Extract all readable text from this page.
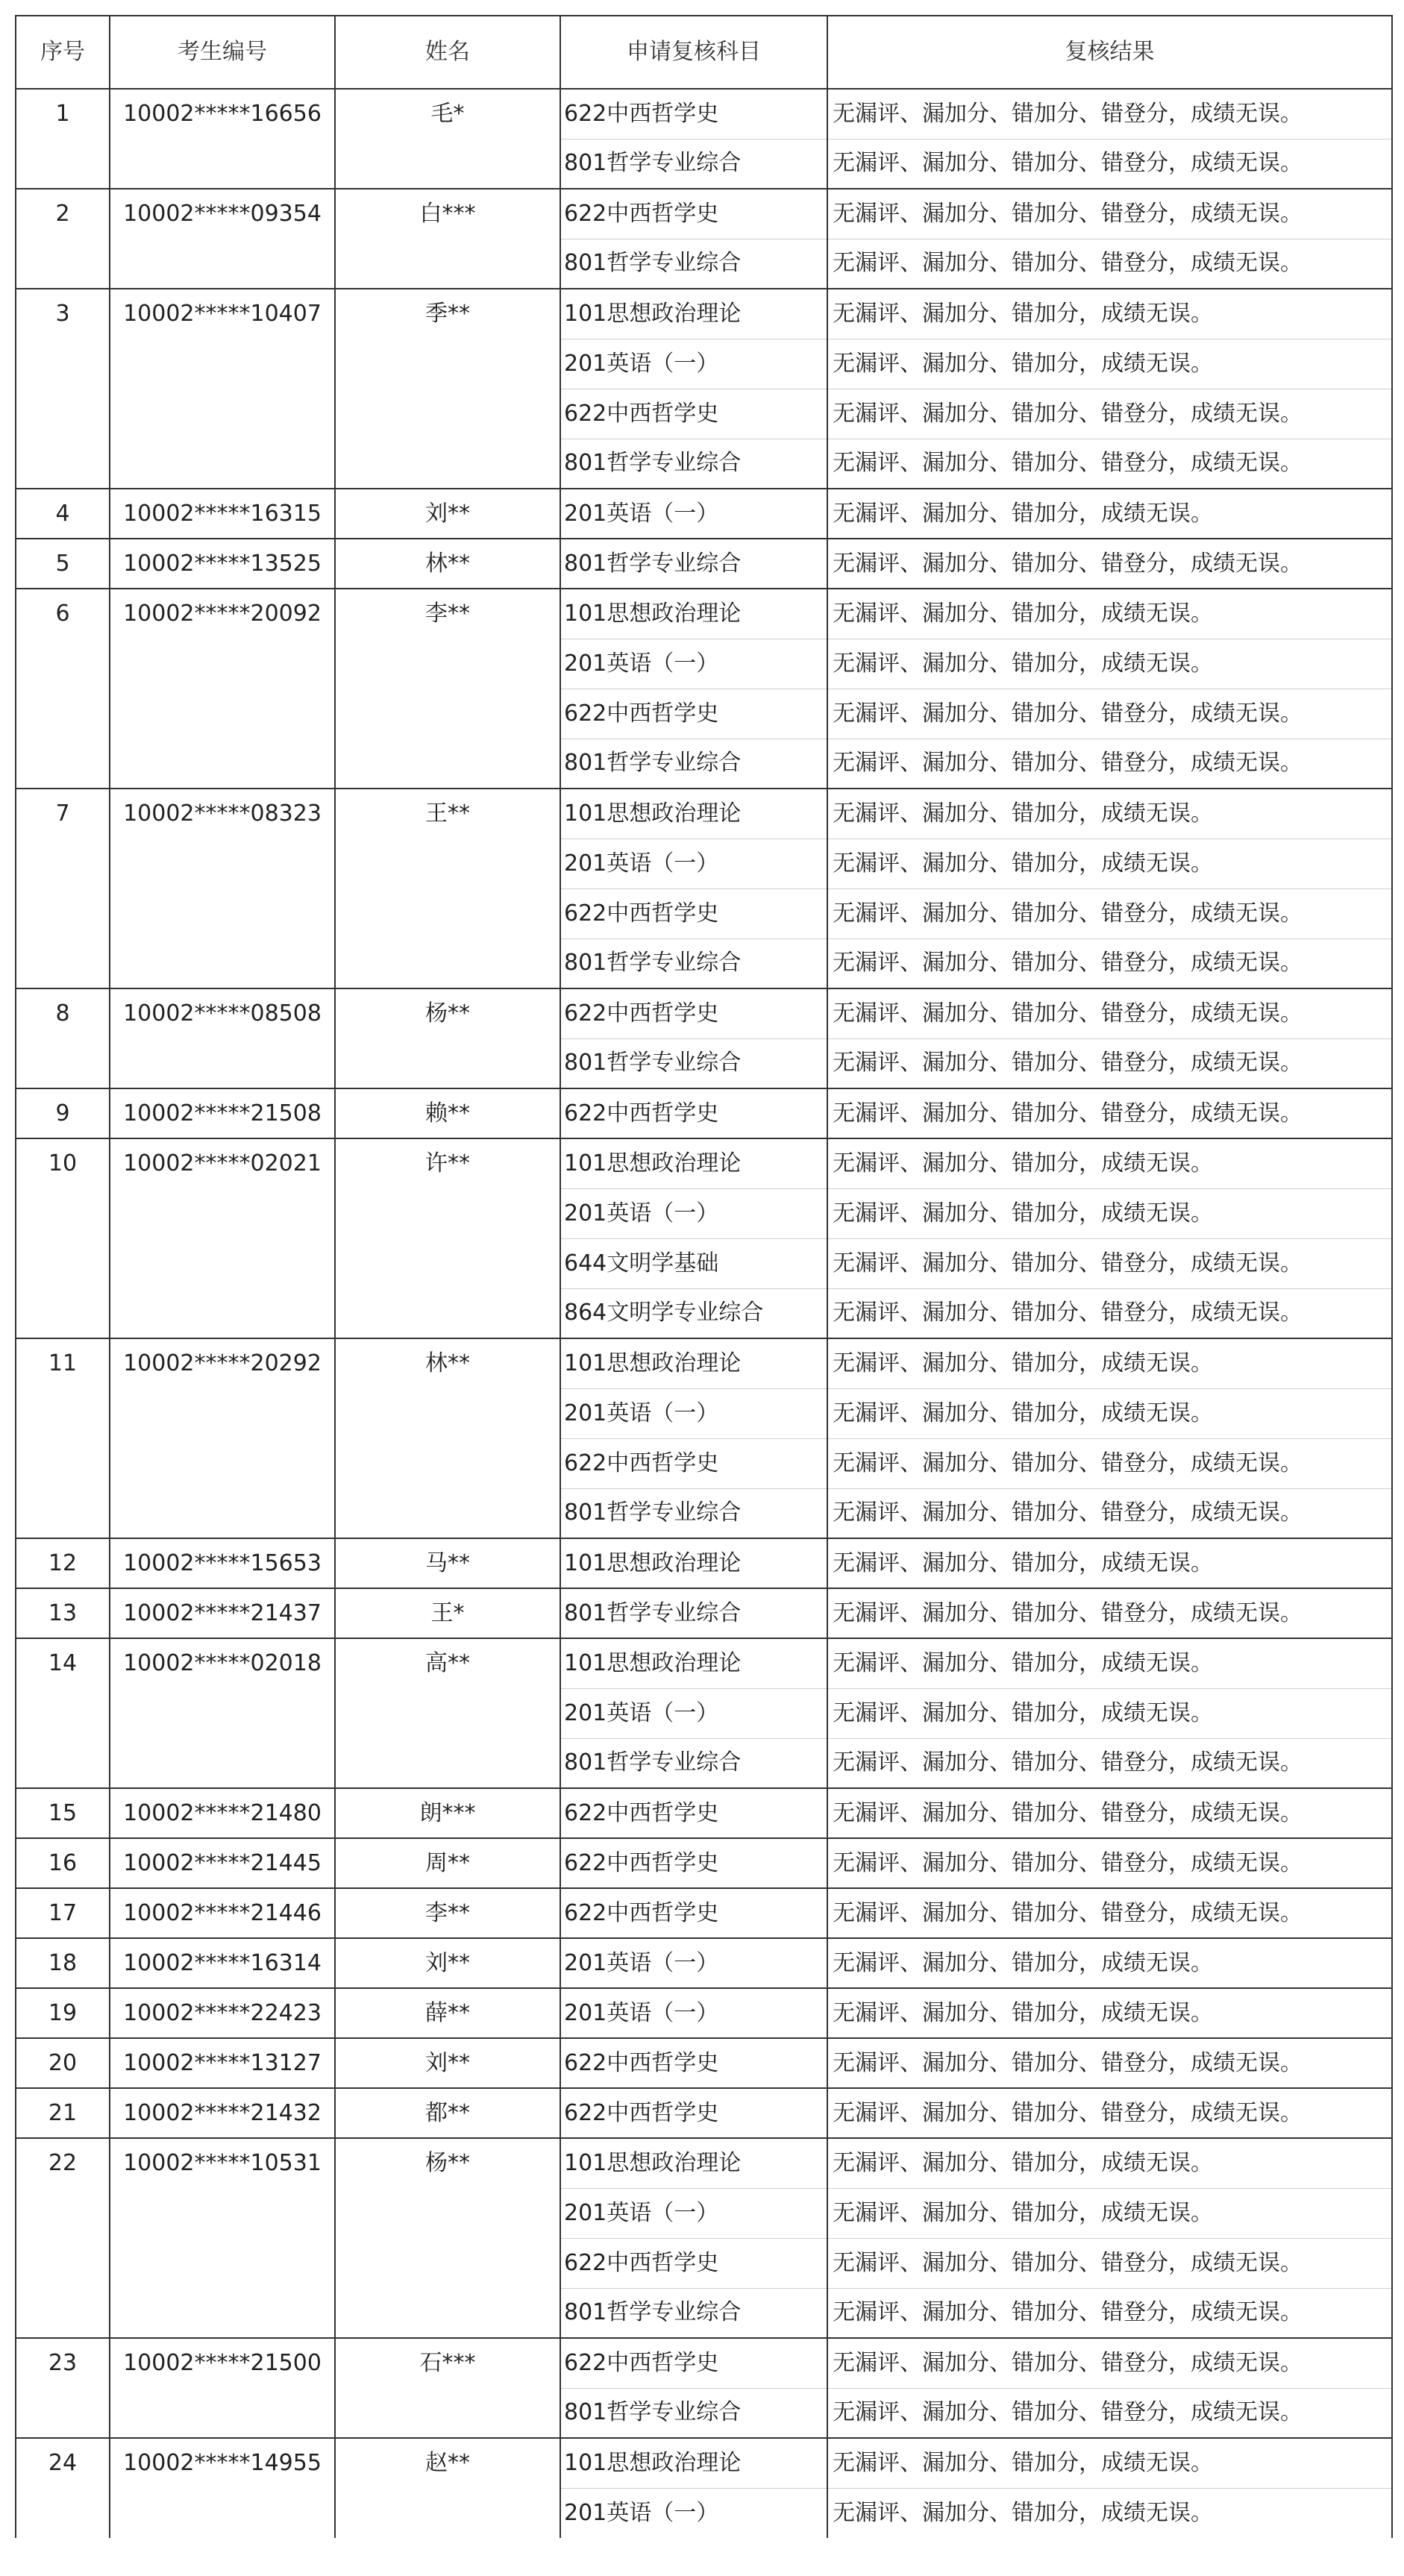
序号	考生编号	姓名	申请复核科目	复核结果
1	10002*****16656	毛*	622中西哲学史	无漏评、漏加分、错加分、错登分，成绩无误。
			801哲学专业综合	无漏评、漏加分、错加分、错登分，成绩无误。
2	10002*****09354	白***	622中西哲学史	无漏评、漏加分、错加分、错登分，成绩无误。
			801哲学专业综合	无漏评、漏加分、错加分、错登分，成绩无误。
3	10002*****10407	季**	101思想政治理论	无漏评、漏加分、错加分，成绩无误。
			201英语（一）	无漏评、漏加分、错加分，成绩无误。
			622中西哲学史	无漏评、漏加分、错加分、错登分，成绩无误。
			801哲学专业综合	无漏评、漏加分、错加分、错登分，成绩无误。
4	10002*****16315	刘**	201英语（一）	无漏评、漏加分、错加分，成绩无误。
5	10002*****13525	林**	801哲学专业综合	无漏评、漏加分、错加分、错登分，成绩无误。
6	10002*****20092	李**	101思想政治理论	无漏评、漏加分、错加分，成绩无误。
			201英语（一）	无漏评、漏加分、错加分，成绩无误。
			622中西哲学史	无漏评、漏加分、错加分、错登分，成绩无误。
			801哲学专业综合	无漏评、漏加分、错加分、错登分，成绩无误。
7	10002*****08323	王**	101思想政治理论	无漏评、漏加分、错加分，成绩无误。
			201英语（一）	无漏评、漏加分、错加分，成绩无误。
			622中西哲学史	无漏评、漏加分、错加分、错登分，成绩无误。
			801哲学专业综合	无漏评、漏加分、错加分、错登分，成绩无误。
8	10002*****08508	杨**	622中西哲学史	无漏评、漏加分、错加分、错登分，成绩无误。
			801哲学专业综合	无漏评、漏加分、错加分、错登分，成绩无误。
9	10002*****21508	赖**	622中西哲学史	无漏评、漏加分、错加分、错登分，成绩无误。
10	10002*****02021	许**	101思想政治理论	无漏评、漏加分、错加分，成绩无误。
			201英语（一）	无漏评、漏加分、错加分，成绩无误。
			644文明学基础	无漏评、漏加分、错加分、错登分，成绩无误。
			864文明学专业综合	无漏评、漏加分、错加分、错登分，成绩无误。
11	10002*****20292	林**	101思想政治理论	无漏评、漏加分、错加分，成绩无误。
			201英语（一）	无漏评、漏加分、错加分，成绩无误。
			622中西哲学史	无漏评、漏加分、错加分、错登分，成绩无误。
			801哲学专业综合	无漏评、漏加分、错加分、错登分，成绩无误。
12	10002*****15653	马**	101思想政治理论	无漏评、漏加分、错加分，成绩无误。
13	10002*****21437	王*	801哲学专业综合	无漏评、漏加分、错加分、错登分，成绩无误。
14	10002*****02018	高**	101思想政治理论	无漏评、漏加分、错加分，成绩无误。
			201英语（一）	无漏评、漏加分、错加分，成绩无误。
			801哲学专业综合	无漏评、漏加分、错加分、错登分，成绩无误。
15	10002*****21480	朗***	622中西哲学史	无漏评、漏加分、错加分、错登分，成绩无误。
16	10002*****21445	周**	622中西哲学史	无漏评、漏加分、错加分、错登分，成绩无误。
17	10002*****21446	李**	622中西哲学史	无漏评、漏加分、错加分、错登分，成绩无误。
18	10002*****16314	刘**	201英语（一）	无漏评、漏加分、错加分，成绩无误。
19	10002*****22423	薛**	201英语（一）	无漏评、漏加分、错加分，成绩无误。
20	10002*****13127	刘**	622中西哲学史	无漏评、漏加分、错加分、错登分，成绩无误。
21	10002*****21432	都**	622中西哲学史	无漏评、漏加分、错加分、错登分，成绩无误。
22	10002*****10531	杨**	101思想政治理论	无漏评、漏加分、错加分，成绩无误。
			201英语（一）	无漏评、漏加分、错加分，成绩无误。
			622中西哲学史	无漏评、漏加分、错加分、错登分，成绩无误。
			801哲学专业综合	无漏评、漏加分、错加分、错登分，成绩无误。
23	10002*****21500	石***	622中西哲学史	无漏评、漏加分、错加分、错登分，成绩无误。
			801哲学专业综合	无漏评、漏加分、错加分、错登分，成绩无误。
24	10002*****14955	赵**	101思想政治理论	无漏评、漏加分、错加分，成绩无误。
			201英语（一）	无漏评、漏加分、错加分，成绩无误。
